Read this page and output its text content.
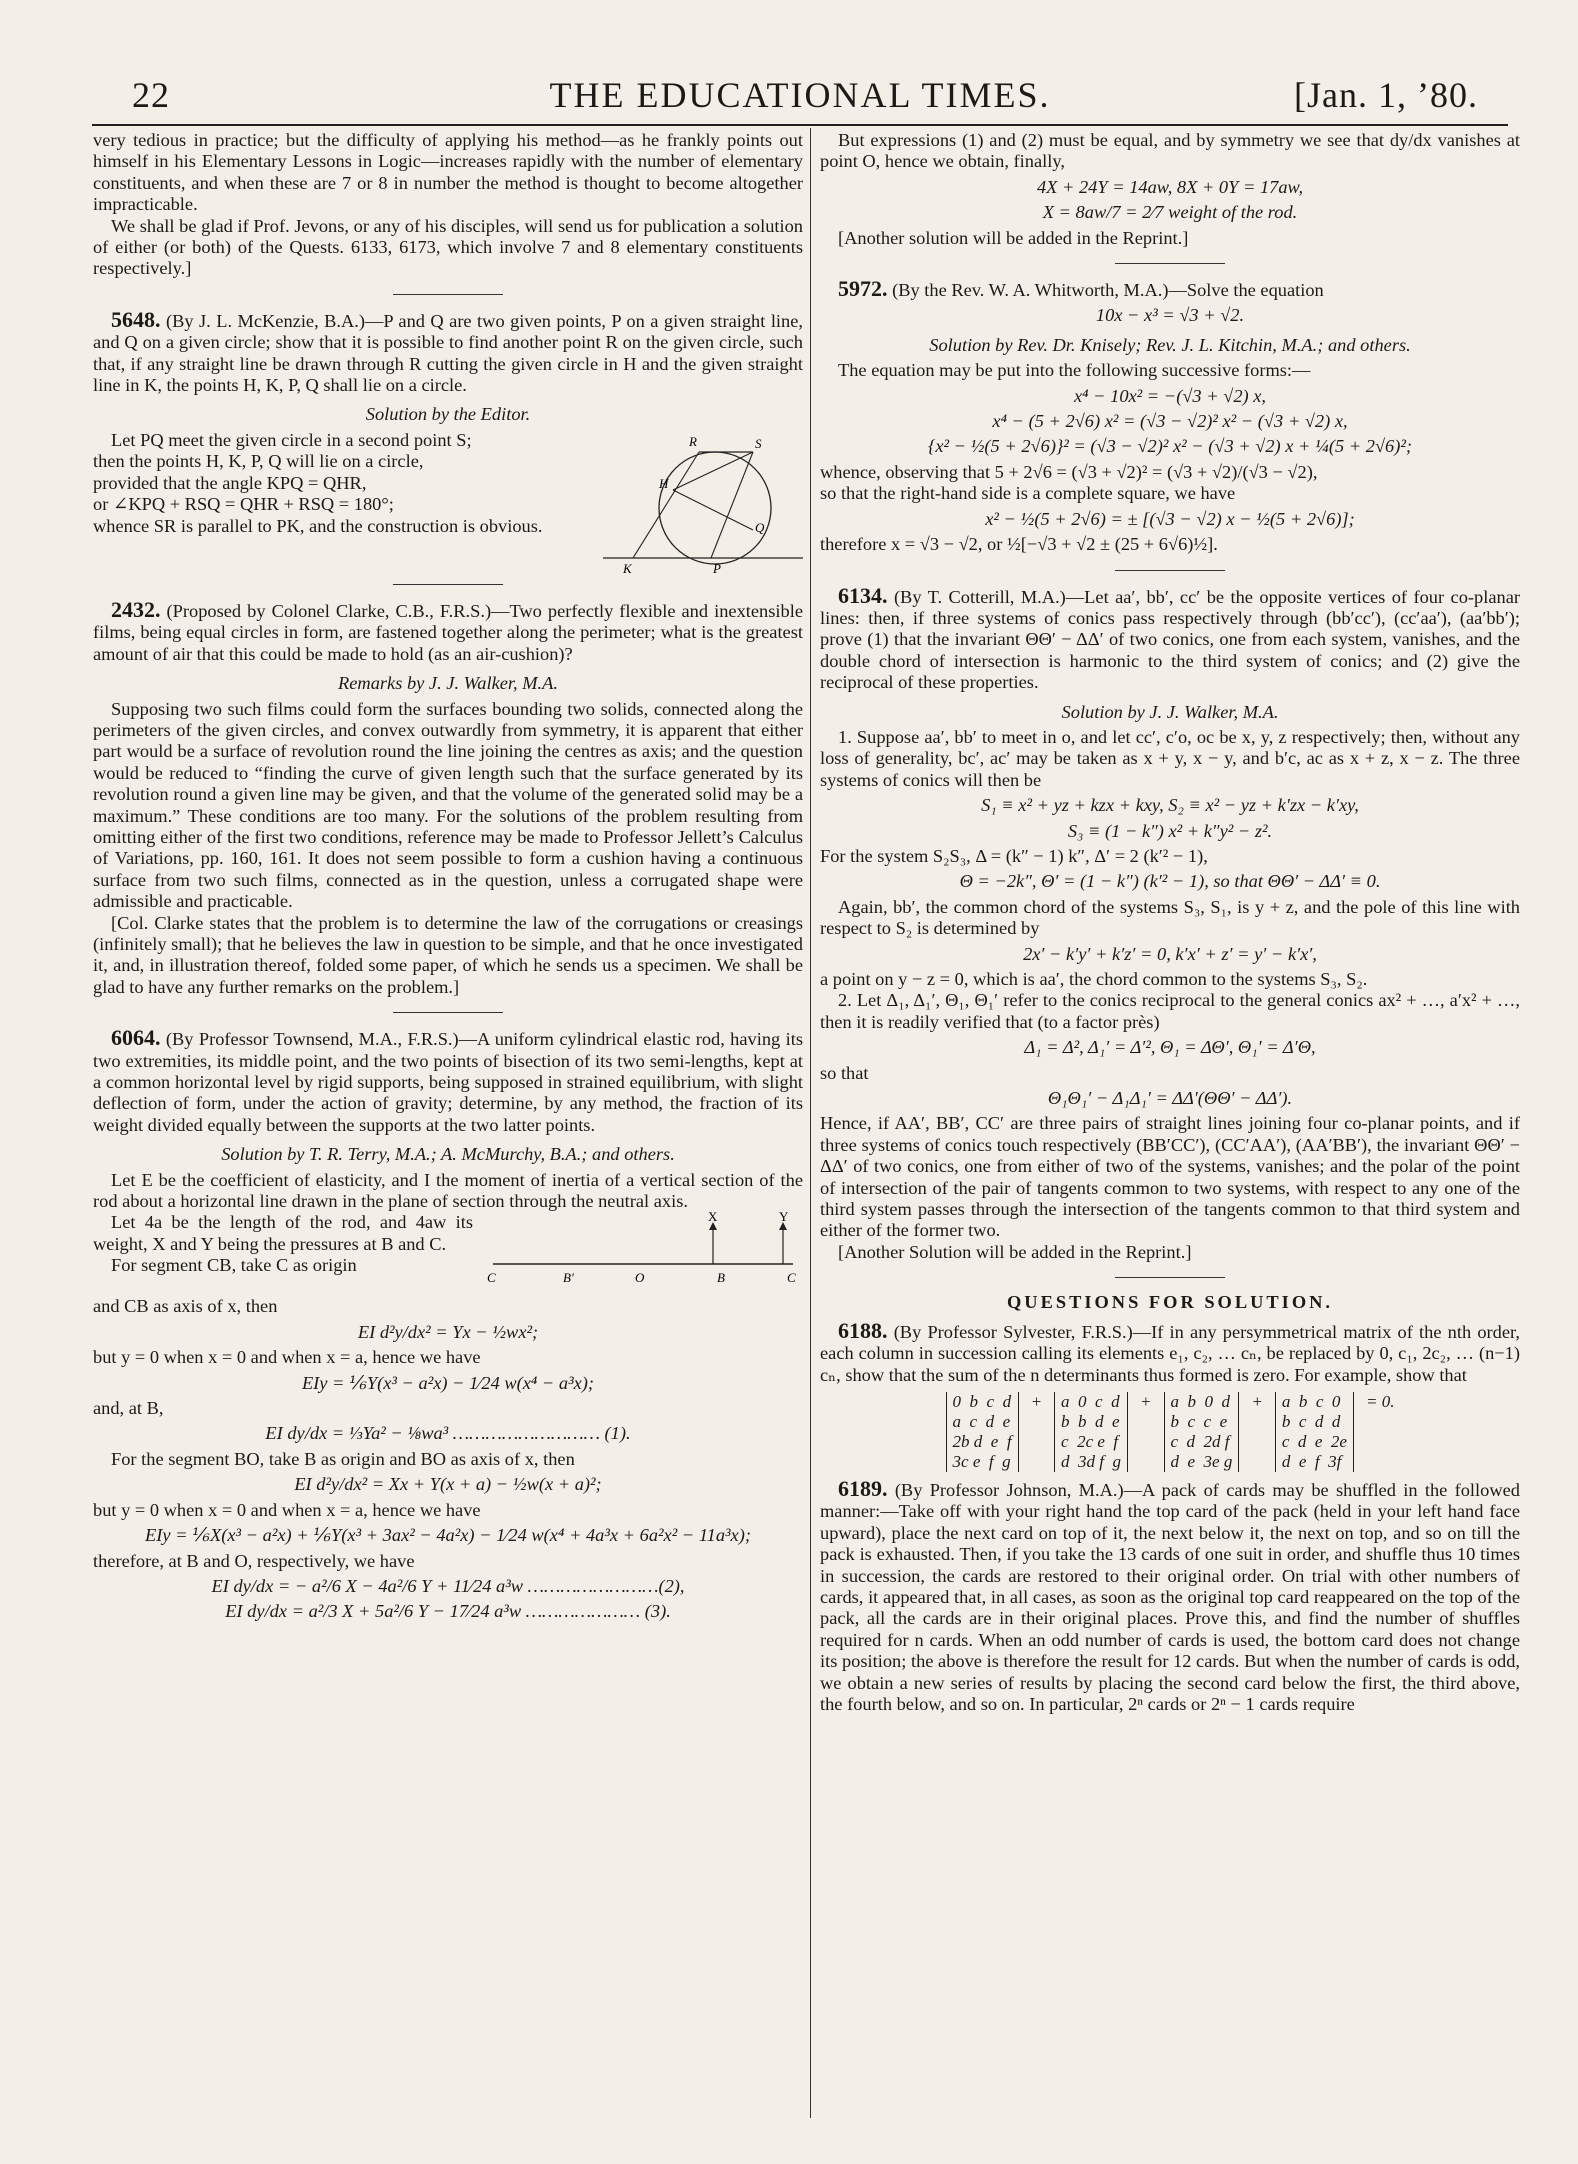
22	THE EDUCATIONAL TIMES.	[Jan. 1, ’80.

very tedious in practice; but the difficulty of applying his method—as he frankly points out himself in his Elementary Lessons in Logic—increases rapidly with the number of elementary constituents, and when these are 7 or 8 in number the method is thought to become altogether impracticable.

We shall be glad if Prof. Jevons, or any of his disciples, will send us for publication a solution of either (or both) of the Quests. 6133, 6173, which involve 7 and 8 elementary constituents respectively.]

5648. (By J. L. McKenzie, B.A.)—P and Q are two given points, P on a given straight line, and Q on a given circle; show that it is possible to find another point R on the given circle, such that, if any straight line be drawn through R cutting the given circle in H and the given straight line in K, the points H, K, P, Q shall lie on a circle.

Solution by the Editor.

R	S
H
Q
K	P

Let PQ meet the given circle in a second point S;

then the points H, K, P, Q will lie on a circle,

provided that the angle KPQ = QHR,

or ∠KPQ + RSQ = QHR + RSQ = 180°;

whence SR is parallel to PK, and the construction is obvious.

2432. (Proposed by Colonel Clarke, C.B., F.R.S.)—Two perfectly flexible and inextensible films, being equal circles in form, are fastened together along the perimeter; what is the greatest amount of air that this could be made to hold (as an air-cushion)?

Remarks by J. J. Walker, M.A.

Supposing two such films could form the surfaces bounding two solids, connected along the perimeters of the given circles, and convex outwardly from symmetry, it is apparent that either part would be a surface of revolution round the line joining the centres as axis; and the question would be reduced to “finding the curve of given length such that the surface generated by its revolution round a given line may be given, and that the volume of the generated solid may be a maximum.” These conditions are too many. For the solutions of the problem resulting from omitting either of the first two conditions, reference may be made to Professor Jellett’s Calculus of Variations, pp. 160, 161. It does not seem possible to form a cushion having a continuous surface from two such films, connected as in the question, unless a corrugated shape were admissible and practicable.

[Col. Clarke states that the problem is to determine the law of the corrugations or creasings (infinitely small); that he believes the law in question to be simple, and that he once investigated it, and, in illustration thereof, folded some paper, of which he sends us a specimen. We shall be glad to have any further remarks on the problem.]

6064. (By Professor Townsend, M.A., F.R.S.)—A uniform cylindrical elastic rod, having its two extremities, its middle point, and the two points of bisection of its two semi-lengths, kept at a common horizontal level by rigid supports, being supposed in strained equilibrium, with slight deflection of form, under the action of gravity; determine, by any method, the fraction of its weight divided equally between the supports at the two latter points.

Solution by T. R. Terry, M.A.; A. McMurchy, B.A.; and others.

Let E be the coefficient of elasticity, and I the moment of inertia of a vertical section of the rod about a horizontal line drawn in the plane of section through the neutral axis.

X	Y
C	B′	O	B	C

Let 4a be the length of the rod, and 4aw its weight, X and Y being the pressures at B and C.

For segment CB, take C as origin

and CB as axis of x, then

EI d²y/dx² = Yx − ½wx²;

but y = 0 when x = 0 and when x = a, hence we have

EIy = ⅙Y(x³ − a²x) − 1⁄24 w(x⁴ − a³x);

and, at B,

EI dy/dx = ⅓Ya² − ⅛wa³ ……………………… (1).

For the segment BO, take B as origin and BO as axis of x, then

EI d²y/dx² = Xx + Y(x + a) − ½w(x + a)²;

but y = 0 when x = 0 and when x = a, hence we have

EIy = ⅙X(x³ − a²x) + ⅙Y(x³ + 3ax² − 4a²x) − 1⁄24 w(x⁴ + 4a³x + 6a²x² − 11a³x);

therefore, at B and O, respectively, we have

EI dy/dx = − a²/6 X − 4a²/6 Y + 11⁄24 a³w ……………………(2),

EI dy/dx = a²/3 X + 5a²/6 Y − 17⁄24 a³w ………………… (3).

But expressions (1) and (2) must be equal, and by symmetry we see that dy/dx vanishes at point O, hence we obtain, finally,

4X + 24Y = 14aw, 8X + 0Y = 17aw,

X = 8aw/7 = 2⁄7 weight of the rod.

[Another solution will be added in the Reprint.]

5972. (By the Rev. W. A. Whitworth, M.A.)—Solve the equation

10x − x³ = √3 + √2.

Solution by Rev. Dr. Knisely; Rev. J. L. Kitchin, M.A.; and others.

The equation may be put into the following successive forms:—

x⁴ − 10x² = −(√3 + √2) x,

x⁴ − (5 + 2√6) x² = (√3 − √2)² x² − (√3 + √2) x,

{x² − ½(5 + 2√6)}² = (√3 − √2)² x² − (√3 + √2) x + ¼(5 + 2√6)²;

whence, observing that 5 + 2√6 = (√3 + √2)² = (√3 + √2)/(√3 − √2),

so that the right-hand side is a complete square, we have

x² − ½(5 + 2√6) = ± [(√3 − √2) x − ½(5 + 2√6)];

therefore x = √3 − √2, or ½[−√3 + √2 ± (25 + 6√6)½].

6134. (By T. Cotterill, M.A.)—Let aa′, bb′, cc′ be the opposite vertices of four co-planar lines: then, if three systems of conics pass respectively through (bb′cc′), (cc′aa′), (aa′bb′); prove (1) that the invariant ΘΘ′ − ΔΔ′ of two conics, one from each system, vanishes, and the double chord of intersection is harmonic to the third system of conics; and (2) give the reciprocal of these properties.

Solution by J. J. Walker, M.A.

1. Suppose aa′, bb′ to meet in o, and let cc′, c′o, oc be x, y, z respectively; then, without any loss of generality, bc′, ac′ may be taken as x + y, x − y, and b′c, ac as x + z, x − z. The three systems of conics will then be

S₁ ≡ x² + yz + kzx + kxy, S₂ ≡ x² − yz + k′zx − k′xy,

S₃ ≡ (1 − k″) x² + k″y² − z².

For the system S₂S₃, Δ = (k″ − 1) k″, Δ′ = 2 (k′² − 1),

Θ = −2k″, Θ′ = (1 − k″) (k′² − 1), so that ΘΘ′ − ΔΔ′ ≡ 0.

Again, bb′, the common chord of the systems S₃, S₁, is y + z, and the pole of this line with respect to S₂ is determined by

2x′ − k′y′ + k′z′ = 0, k′x′ + z′ = y′ − k′x′,

a point on y − z = 0, which is aa′, the chord common to the systems S₃, S₂.

2. Let Δ₁, Δ₁′, Θ₁, Θ₁′ refer to the conics reciprocal to the general conics ax² + …, a′x² + …, then it is readily verified that (to a factor près)

Δ₁ = Δ², Δ₁′ = Δ′², Θ₁ = ΔΘ′, Θ₁′ = Δ′Θ,

so that

Θ₁Θ₁′ − Δ₁Δ₁′ = ΔΔ′(ΘΘ′ − ΔΔ′).

Hence, if AA′, BB′, CC′ are three pairs of straight lines joining four co-planar points, and if three systems of conics touch respectively (BB′CC′), (CC′AA′), (AA′BB′), the invariant ΘΘ′ − ΔΔ′ of two conics, one from either of two of the systems, vanishes; and the polar of the point of intersection of the pair of tangents common to two systems, with respect to any one of the third system passes through the intersection of the tangents common to that third system and either of the former two.

[Another Solution will be added in the Reprint.]

QUESTIONS FOR SOLUTION.

6188. (By Professor Sylvester, F.R.S.)—If in any persymmetrical matrix of the nth order, each column in succession calling its elements e₁, c₂, … cₙ, be replaced by 0, c₁, 2c₂, … (n−1) cₙ, show that the sum of the n determinants thus formed is zero. For example, show that

0  b  c  d
a  c  d  e
2b d  e  f
3c e  f  g
+ a  0  c  d
b  b  d  e
c  2c e  f
d  3d f  g
+ a  b  0  d
b  c  c  e
c  d  2d f
d  e  3e g
+ a  b  c  0
b  c  d  d
c  d  e  2e
d  e  f  3f
= 0.

6189. (By Professor Johnson, M.A.)—A pack of cards may be shuffled in the followed manner:—Take off with your right hand the top card of the pack (held in your left hand face upward), place the next card on top of it, the next below it, the next on top, and so on till the pack is exhausted. Then, if you take the 13 cards of one suit in order, and shuffle thus 10 times in succession, the cards are restored to their original order. On trial with other numbers of cards, it appeared that, in all cases, as soon as the original top card reappeared on the top of the pack, all the cards are in their original places. Prove this, and find the number of shuffles required for n cards. When an odd number of cards is used, the bottom card does not change its position; the above is therefore the result for 12 cards. But when the number of cards is odd, we obtain a new series of results by placing the second card below the first, the third above, the fourth below, and so on. In particular, 2ⁿ cards or 2ⁿ − 1 cards require
